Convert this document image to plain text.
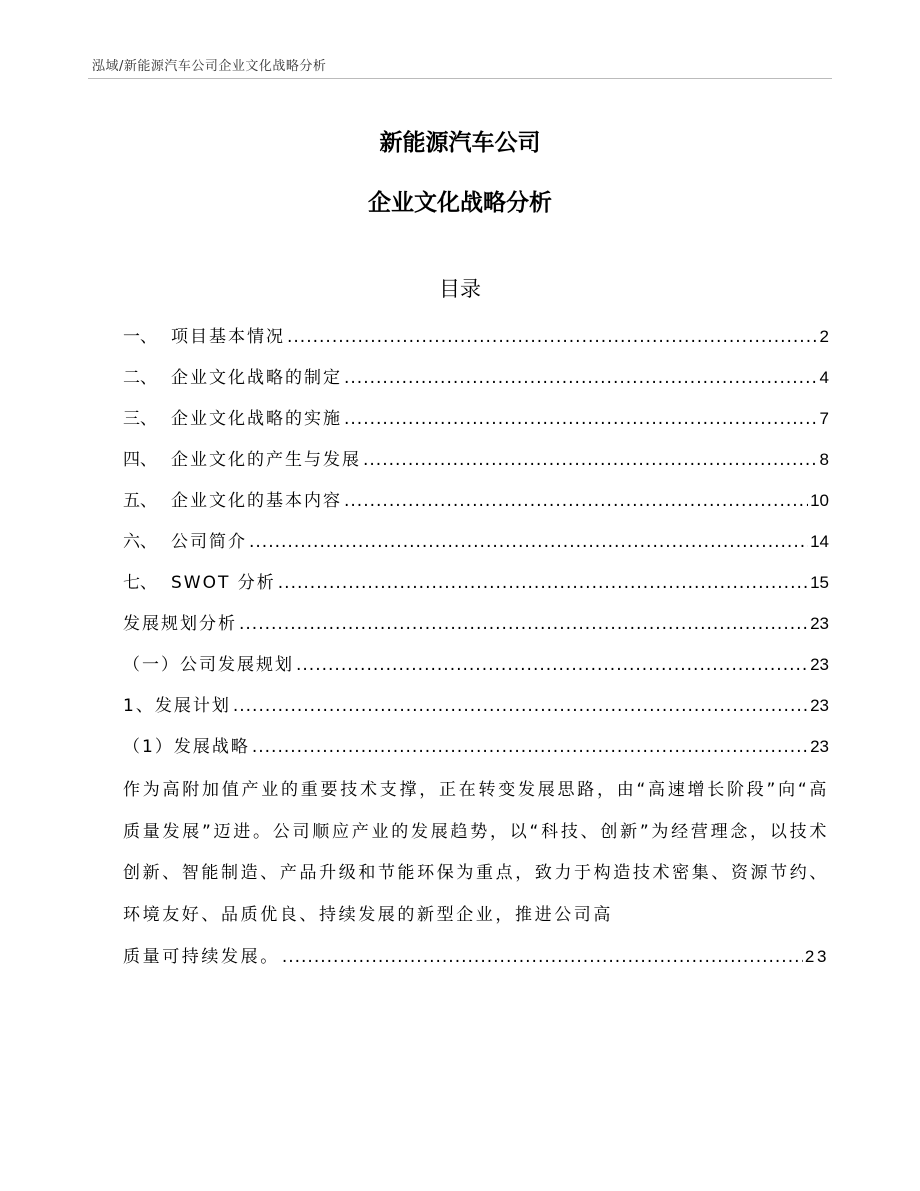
泓域/新能源汽车公司企业文化战略分析
新能源汽车公司
企业文化战略分析
目录
一、 项目基本情况 .....	2
二、 企业文化战略的制定 .....	4
三、 企业文化战略的实施 .....	7
四、 企业文化的产生与发展 .....	8
五、 企业文化的基本内容 .....	10
六、 公司简介 .....	14
七、 SWOT 分析 .....	15
发展规划分析 .....	23
（一）公司发展规划 .....	23
1、发展计划 .....	23
（1）发展战略 .....	23
作为高附加值产业的重要技术支撑，正在转变发展思路，由“高速增长阶段”向“高质量发展”迈进。公司顺应产业的发展趋势，以“科技、创新”为经营理念，以技术创新、智能制造、产品升级和节能环保为重点，致力于构造技术密集、资源节约、环境友好、品质优良、持续发展的新型企业，推进公司高
质量可持续发展。 .....	23
